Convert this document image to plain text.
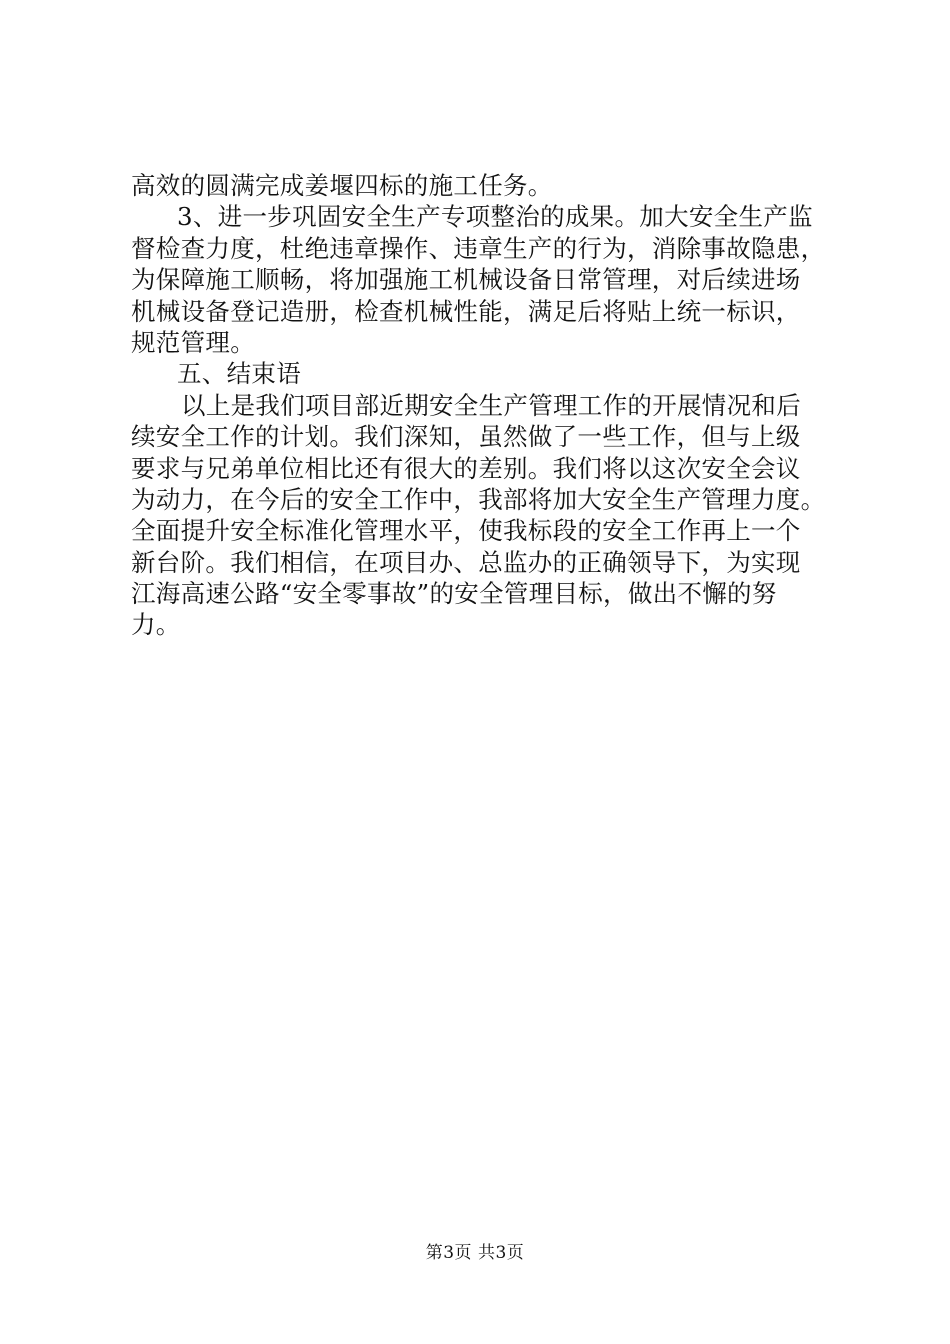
高效的圆满完成姜堰四标的施工任务。
3、进一步巩固安全生产专项整治的成果。加大安全生产监
督检查力度，杜绝违章操作、违章生产的行为，消除事故隐患，
为保障施工顺畅，将加强施工机械设备日常管理，对后续进场
机械设备登记造册，检查机械性能，满足后将贴上统一标识，
规范管理。
五、结束语
以上是我们项目部近期安全生产管理工作的开展情况和后
续安全工作的计划。我们深知，虽然做了一些工作，但与上级
要求与兄弟单位相比还有很大的差别。我们将以这次安全会议
为动力，在今后的安全工作中，我部将加大安全生产管理力度。
全面提升安全标准化管理水平，使我标段的安全工作再上一个
新台阶。我们相信，在项目办、总监办的正确领导下，为实现
江海高速公路“安全零事故”的安全管理目标，做出不懈的努
力。
第3页 共3页
